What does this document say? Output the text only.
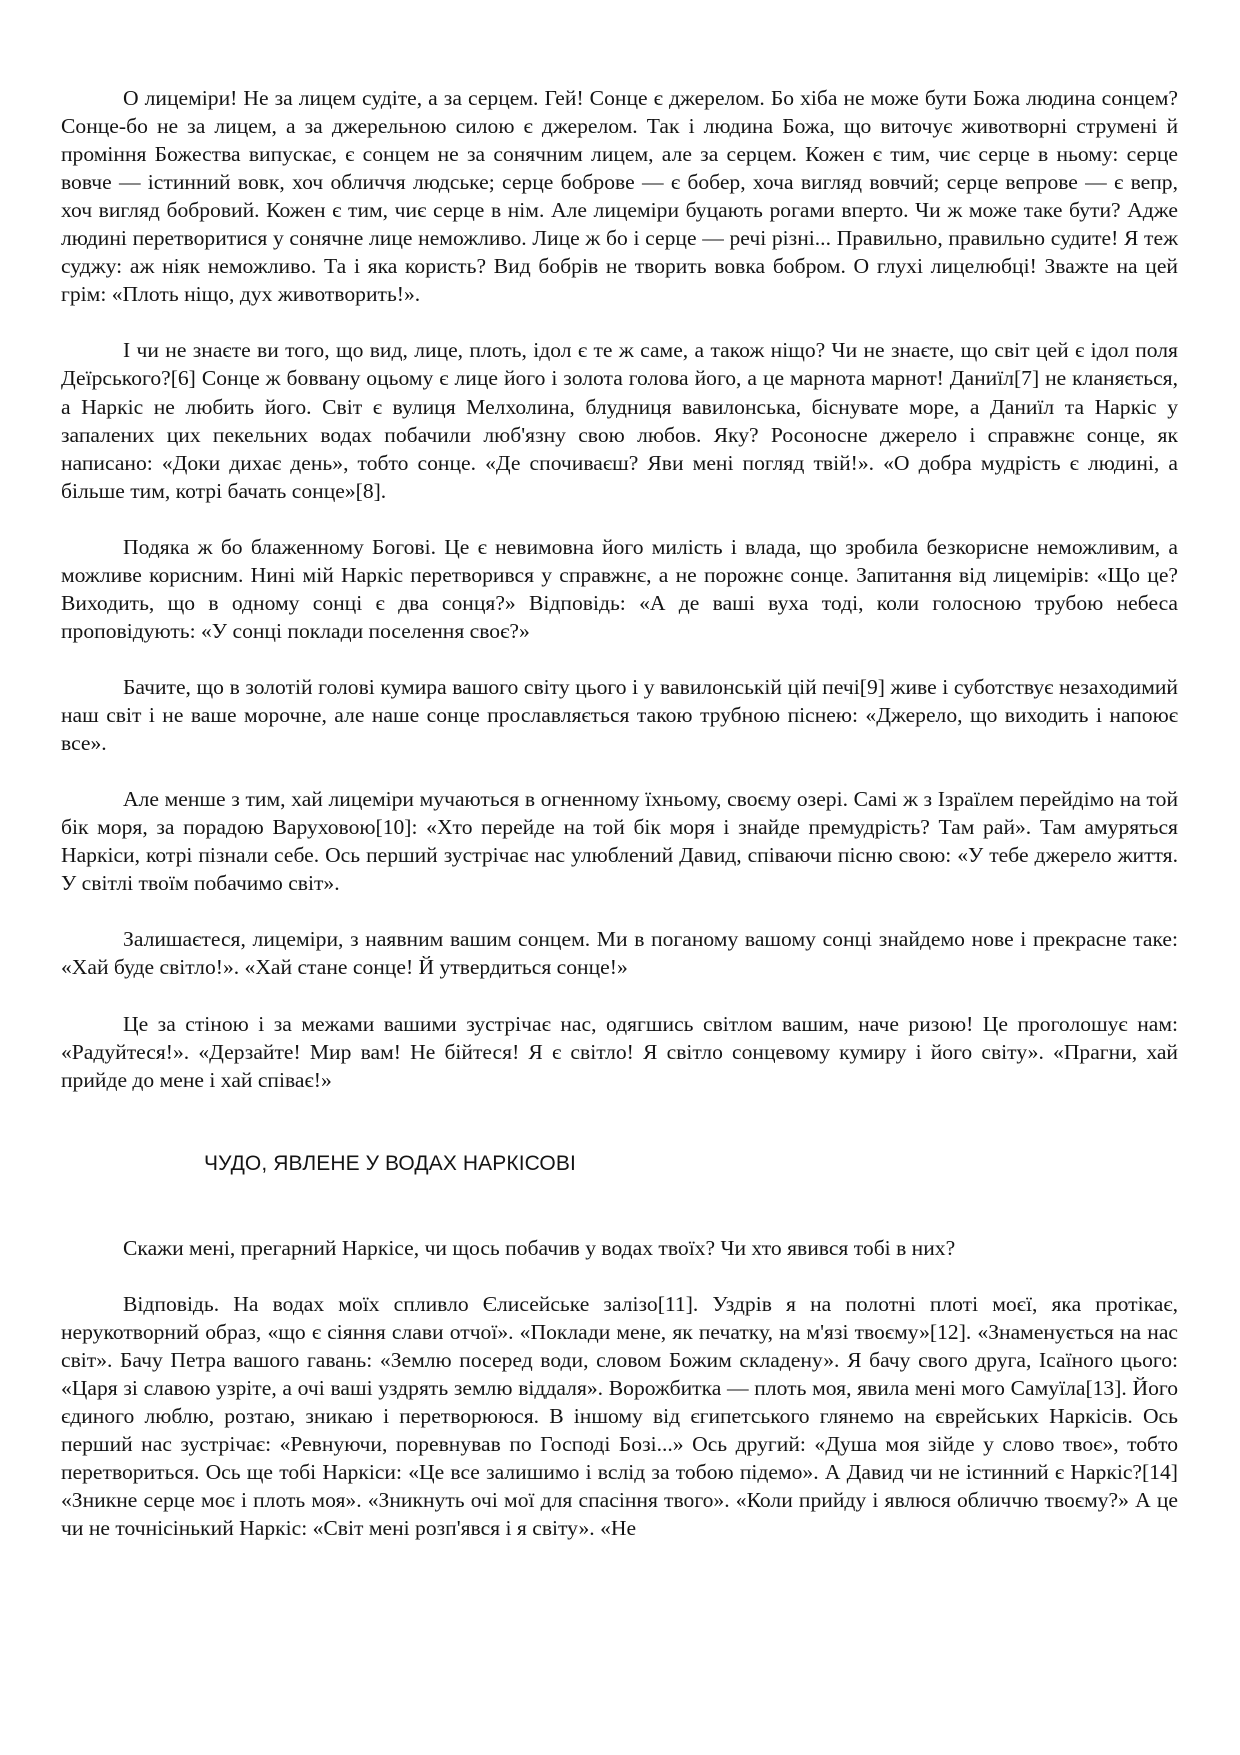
О лицеміри! Не за лицем судіте, а за серцем. Гей! Сонце є джерелом. Бо хіба не може бути Божа людина сонцем? Сонце-бо не за лицем, а за джерельною силою є джерелом. Так і людина Божа, що виточує животворні струмені й проміння Божества випускає, є сонцем не за сонячним лицем, але за серцем. Кожен є тим, чиє серце в ньому: серце вовче — істинний вовк, хоч обличчя людське; серце боброве — є бобер, хоча вигляд вовчий; серце вепрове — є вепр, хоч вигляд бобровий. Кожен є тим, чиє серце в нім. Але лицеміри буцають рогами вперто. Чи ж може таке бути? Адже людині перетворитися у сонячне лице неможливо. Лице ж бо і серце — речі різні... Правильно, правильно судите! Я теж суджу: аж ніяк неможливо. Та і яка користь? Вид бобрів не творить вовка бобром. О глухі лицелюбці! Зважте на цей грім: «Плоть ніщо, дух животворить!».

І чи не знаєте ви того, що вид, лице, плоть, ідол є те ж саме, а також ніщо? Чи не знаєте, що світ цей є ідол поля Деїрського?[6] Сонце ж боввану оцьому є лице його і золота голова його, а це марнота марнот! Даниїл[7] не кланяється, а Наркіс не любить його. Світ є вулиця Мелхолина, блудниця вавилонська, біснувате море, а Даниїл та Наркіс у запалених цих пекельних водах побачили люб'язну свою любов. Яку? Росоносне джерело і справжнє сонце, як написано: «Доки дихає день», тобто сонце. «Де спочиваєш? Яви мені погляд твій!». «О добра мудрість є людині, а більше тим, котрі бачать сонце»[8].

Подяка ж бо блаженному Богові. Це є невимовна його милість і влада, що зробила безкорисне неможливим, а можливе корисним. Нині мій Наркіс перетворився у справжнє, а не порожнє сонце. Запитання від лицемірів: «Що це? Виходить, що в одному сонці є два сонця?» Відповідь: «А де ваші вуха тоді, коли голосною трубою небеса проповідують: «У сонці поклади поселення своє?»

Бачите, що в золотій голові кумира вашого світу цього і у вавилонській цій печі[9] живе і суботствує незаходимий наш світ і не ваше морочне, але наше сонце прославляється такою трубною піснею: «Джерело, що виходить і напоює все».

Але менше з тим, хай лицеміри мучаються в огненному їхньому, своєму озері. Самі ж з Ізраїлем перейдімо на той бік моря, за порадою Варуховою[10]: «Хто перейде на той бік моря і знайде премудрість? Там рай». Там амуряться Наркіси, котрі пізнали себе. Ось перший зустрічає нас улюблений Давид, співаючи пісню свою: «У тебе джерело життя. У світлі твоїм побачимо світ».

Залишаєтеся, лицеміри, з наявним вашим сонцем. Ми в поганому вашому сонці знайдемо нове і прекрасне таке: «Хай буде світло!». «Хай стане сонце! Й утвердиться сонце!»

Це за стіною і за межами вашими зустрічає нас, одягшись світлом вашим, наче ризою! Це проголошує нам: «Радуйтеся!». «Дерзайте! Мир вам! Не бійтеся! Я є світло! Я світло сонцевому кумиру і його світу». «Прагни, хай прийде до мене і хай співає!»

ЧУДО, ЯВЛЕНЕ У ВОДАХ НАРКІСОВІ

Скажи мені, прегарний Наркісе, чи щось побачив у водах твоїх? Чи хто явився тобі в них?

Відповідь. На водах моїх спливло Єлисейське залізо[11]. Уздрів я на полотні плоті моєї, яка протікає, нерукотворний образ, «що є сіяння слави отчої». «Поклади мене, як печатку, на м'язі твоєму»[12]. «Знаменується на нас світ». Бачу Петра вашого гавань: «Землю посеред води, словом Божим складену». Я бачу свого друга, Ісаїного цього: «Царя зі славою узріте, а очі ваші уздрять землю віддаля». Ворожбитка — плоть моя, явила мені мого Самуїла[13]. Його єдиного люблю, розтаю, зникаю і перетворююся. В іншому від єгипетського глянемо на єврейських Наркісів. Ось перший нас зустрічає: «Ревнуючи, поревнував по Господі Бозі...» Ось другий: «Душа моя зійде у слово твоє», тобто перетвориться. Ось ще тобі Наркіси: «Це все залишимо і вслід за тобою підемо». А Давид чи не істинний є Наркіс?[14] «Зникне серце моє і плоть моя». «Зникнуть очі мої для спасіння твого». «Коли прийду і явлюся обличчю твоєму?» А це чи не точнісінький Наркіс: «Світ мені розп'явся і я світу». «Не
